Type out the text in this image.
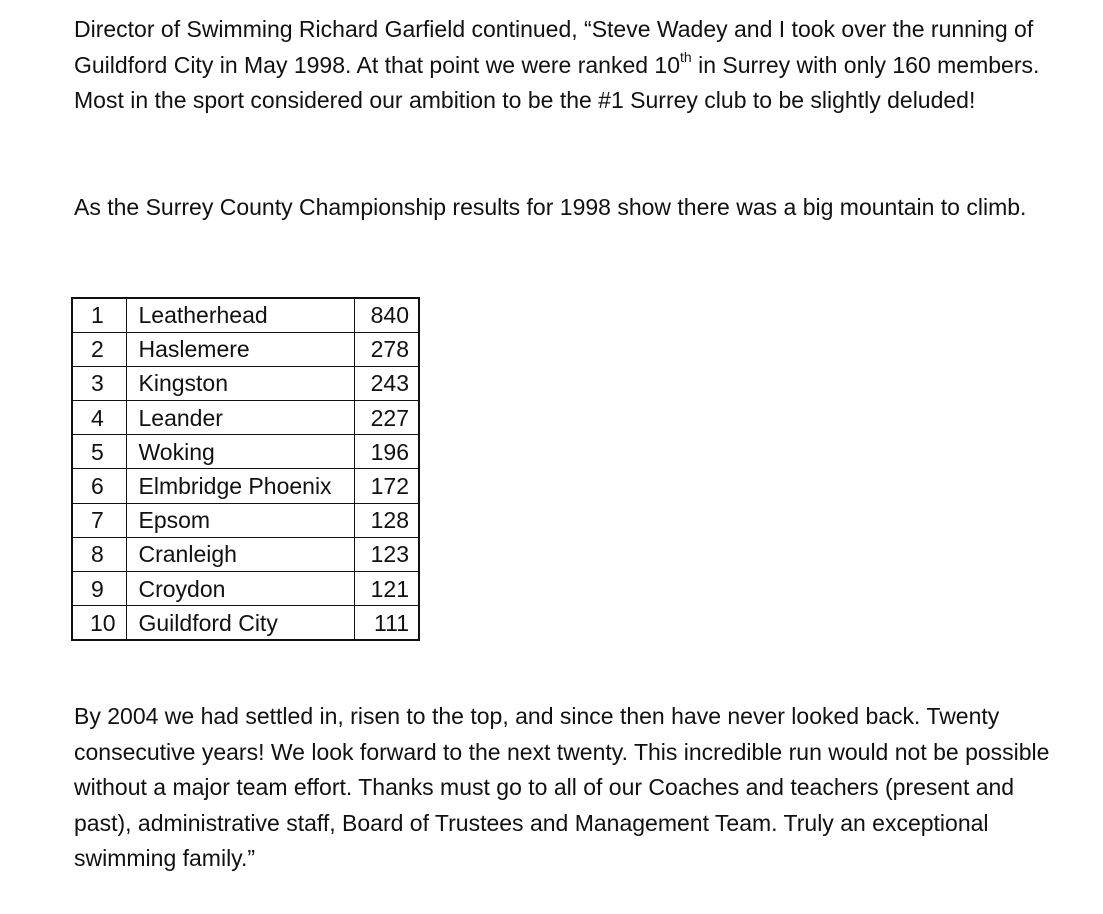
Director of Swimming Richard Garfield continued, “Steve Wadey and I took over the running of Guildford City in May 1998. At that point we were ranked 10th in Surrey with only 160 members. Most in the sport considered our ambition to be the #1 Surrey club to be slightly deluded!

As the Surrey County Championship results for 1998 show there was a big mountain to climb.

1	Leatherhead	840
2	Haslemere	278
3	Kingston	243
4	Leander	227
5	Woking	196
6	Elmbridge Phoenix	172
7	Epsom	128
8	Cranleigh	123
9	Croydon	121
10	Guildford City	111

By 2004 we had settled in, risen to the top, and since then have never looked back. Twenty consecutive years! We look forward to the next twenty. This incredible run would not be possible without a major team effort. Thanks must go to all of our Coaches and teachers (present and past), administrative staff, Board of Trustees and Management Team. Truly an exceptional swimming family.”
